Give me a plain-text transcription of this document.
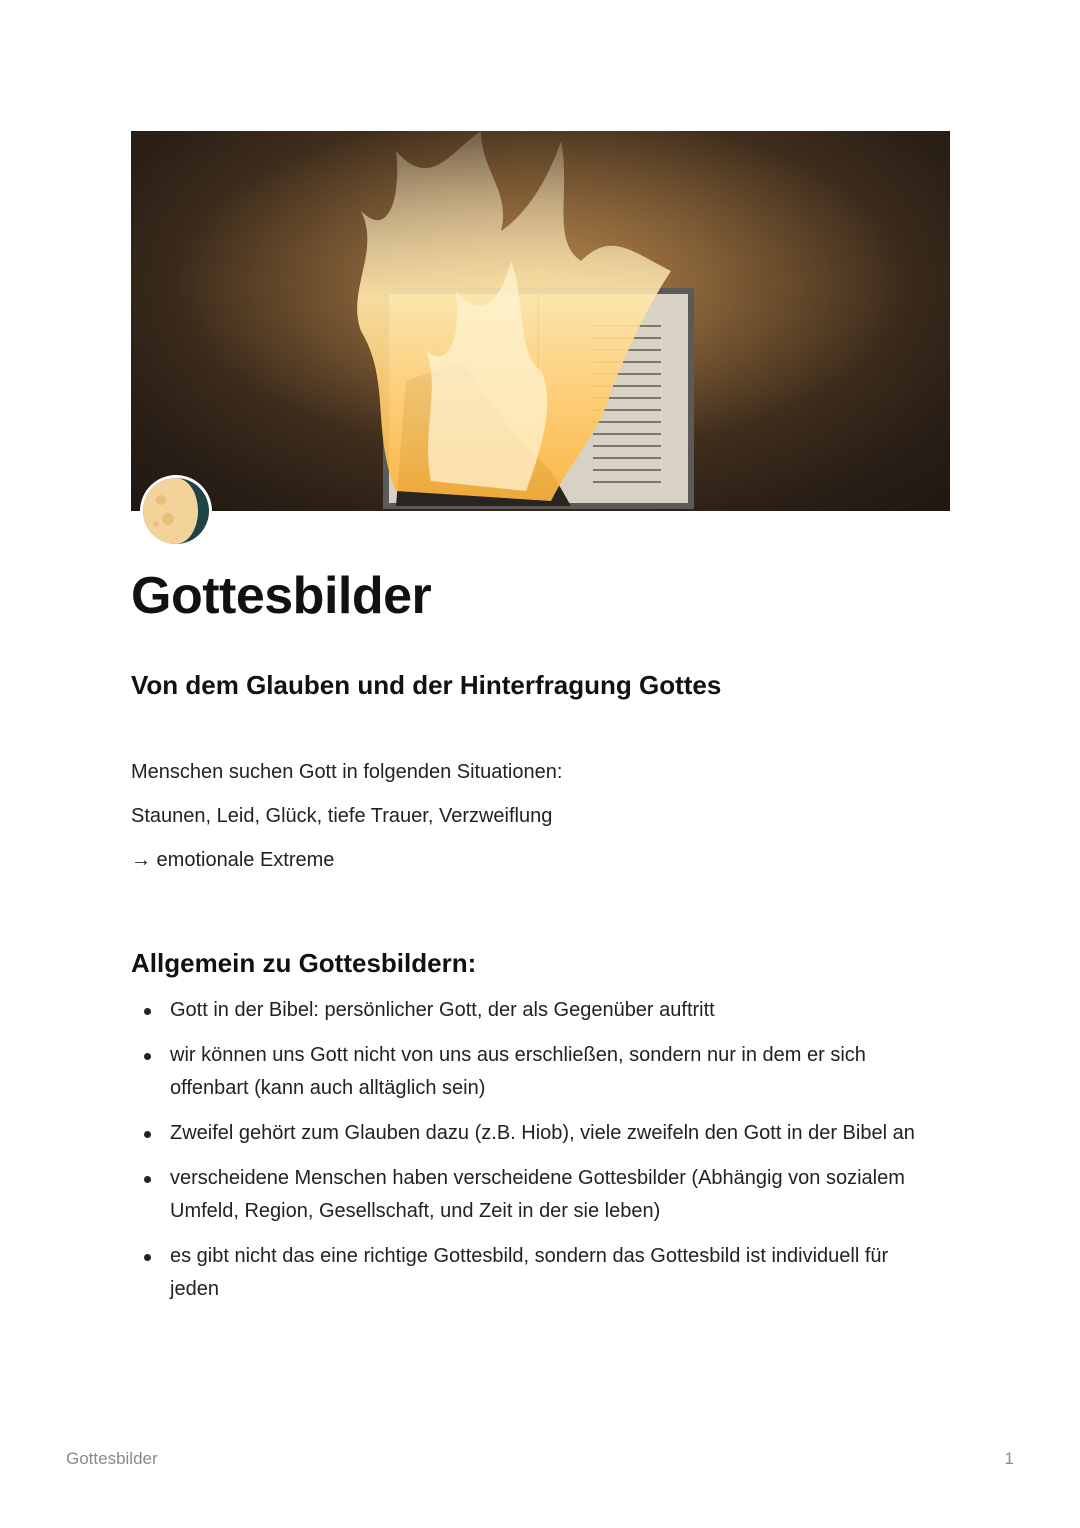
Gottesbilder
Von dem Glauben und der Hinterfragung Gottes

Menschen suchen Gott in folgenden Situationen:

Staunen, Leid, Glück, tiefe Trauer, Verzweiflung

→ emotionale Extreme

Allgemein zu Gottesbildern:
Gott in der Bibel: persönlicher Gott, der als Gegenüber auftritt
wir können uns Gott nicht von uns aus erschließen, sondern nur in dem er sich offenbart (kann auch alltäglich sein)
Zweifel gehört zum Glauben dazu (z.B. Hiob), viele zweifeln den Gott in der Bibel an
verscheidene Menschen haben verscheidene Gottesbilder (Abhängig von sozialem Umfeld, Region, Gesellschaft, und Zeit in der sie leben)
es gibt nicht das eine richtige Gottesbild, sondern das Gottesbild ist individuell für jeden
Gottesbilder	1
